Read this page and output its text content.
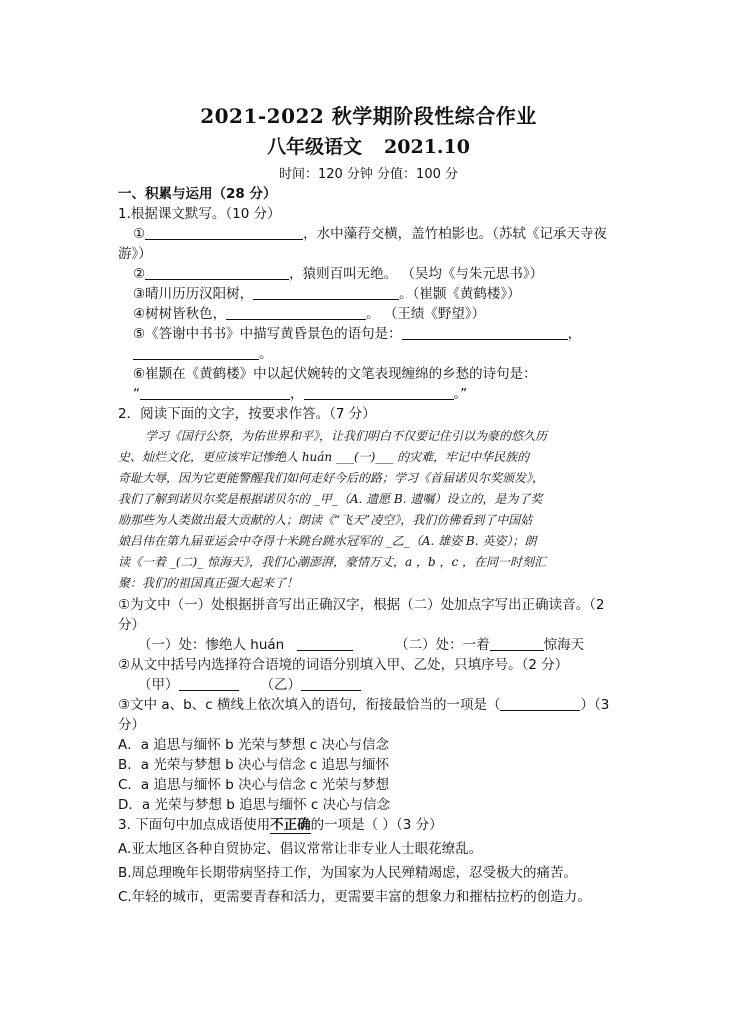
2021-2022 秋学期阶段性综合作业
八年级语文 2021.10
时间：120 分钟 分值：100 分
一、积累与运用（28 分）
1.根据课文默写。（10 分）
①	，水中藻荇交横，盖竹柏影也。（苏轼《记承天寺夜
游》）
②	，猿则百叫无绝。 （吴均《与朱元思书》）
③晴川历历汉阳树，	。（崔颢《黄鹤楼》）
④树树皆秋色，	。 （王绩《野望》）
⑤《答谢中书书》中描写黄昏景色的语句是：	，
。
⑥崔颢在《黄鹤楼》中以起伏婉转的文笔表现缠绵的乡愁的诗句是：
“	，	。”
2．阅读下面的文字，按要求作答。（7 分）
学习《国行公祭，为佑世界和平》，让我们明白不仅要记住引以为豪的悠久历
史、灿烂文化，更应该牢记惨绝人 huán ___(一)___ 的灾难，牢记中华民族的
奇耻大辱，因为它更能警醒我们如何走好今后的路；学习《首届诺贝尔奖颁发》，
我们了解到诺贝尔奖是根据诺贝尔的 _甲_（A. 遗愿 B. 遗嘱）设立的，是为了奖
励那些为人类做出最大贡献的人；朗读《“飞天”凌空》，我们仿佛看到了中国姑
娘吕伟在第九届亚运会中夺得十米跳台跳水冠军的 _乙_（A. 雄姿 B. 英姿）；朗
读《一着 _(二)_ 惊海天》，我们心潮澎湃，豪情万丈，a ，b ，c ，在同一时刻汇
聚：我们的祖国真正强大起来了！
①为文中（一）处根据拼音写出正确汉字，根据（二）处加点字写出正确读音。（2
分）
（一）处：惨绝人 huán	（二）处：一着	惊海天
②从文中括号内选择符合语境的词语分别填入甲、乙处，只填序号。（2 分）
（甲）	（乙）
③文中 a、b、c 横线上依次填入的语句，衔接最恰当的一项是（	）（3
分）
A．a 追思与缅怀 b 光荣与梦想 c 决心与信念
B．a 光荣与梦想 b 决心与信念 c 追思与缅怀
C．a 追思与缅怀 b 决心与信念 c 光荣与梦想
D．a 光荣与梦想 b 追思与缅怀 c 决心与信念
3. 下面句中加点成语使用不正确的一项是（ ）（3 分）
A.亚太地区各种自贸协定、倡议常常让非专业人士眼花缭乱。
B.周总理晚年长期带病坚持工作，为国家为人民殚精竭虑，忍受极大的痛苦。
C.年轻的城市，更需要青春和活力，更需要丰富的想象力和摧枯拉朽的创造力。
